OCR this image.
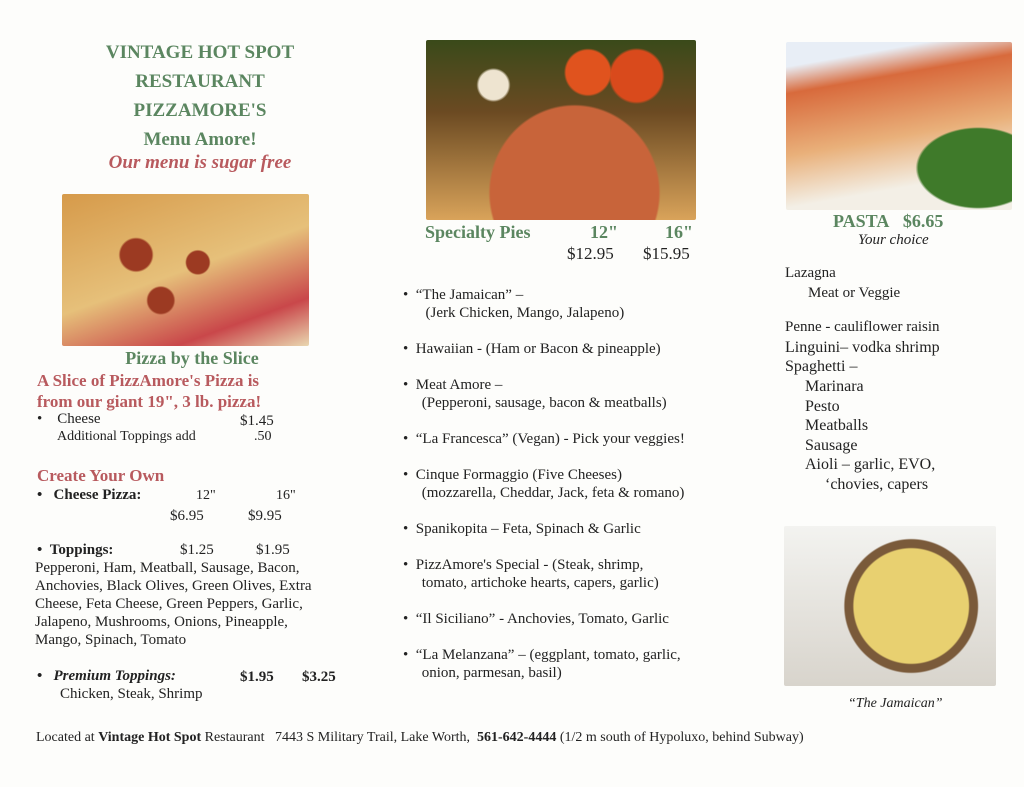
VINTAGE HOT SPOT
RESTAURANT
PIZZAMORE'S
Menu Amore!
Our menu is sugar free
Pizza by the Slice
A Slice of PizzAmore's Pizza is
from our giant 19", 3 lb. pizza!
•    Cheese	$1.45
Additional Toppings add	.50
Create Your Own
•   Cheese Pizza:	12"	16"
$6.95	$9.95
•  Toppings:	$1.25	$1.95
Pepperoni, Ham, Meatball, Sausage, Bacon,
Anchovies, Black Olives, Green Olives, Extra
Cheese, Feta Cheese, Green Peppers, Garlic,
Jalapeno, Mushrooms, Onions, Pineapple,
Mango, Spinach, Tomato
•   Premium Toppings:	$1.95 $3.25
Chicken, Steak, Shrimp
Specialty Pies	12"	16"
$12.95 $15.95
•  “The Jamaican” –
(Jerk Chicken, Mango, Jalapeno)
•  Hawaiian - (Ham or Bacon & pineapple)
•  Meat Amore –
(Pepperoni, sausage, bacon & meatballs)
•  “La Francesca” (Vegan) - Pick your veggies!
•  Cinque Formaggio (Five Cheeses)
(mozzarella, Cheddar, Jack, feta & romano)
•  Spanikopita – Feta, Spinach & Garlic
•  PizzAmore's Special - (Steak, shrimp,
tomato, artichoke hearts, capers, garlic)
•  “Il Siciliano” - Anchovies, Tomato, Garlic
•  “La Melanzana” – (eggplant, tomato, garlic,
onion, parmesan, basil)
PASTA $6.65
Your choice
Lazagna
Meat or Veggie
Penne - cauliflower raisin
Linguini– vodka shrimp
Spaghetti –
Marinara
Pesto
Meatballs
Sausage
Aioli – garlic, EVO,
‘chovies, capers
“The Jamaican”
Located at Vintage Hot Spot Restaurant   7443 S Military Trail, Lake Worth,  561-642-4444 (1/2 m south of Hypoluxo, behind Subway)
